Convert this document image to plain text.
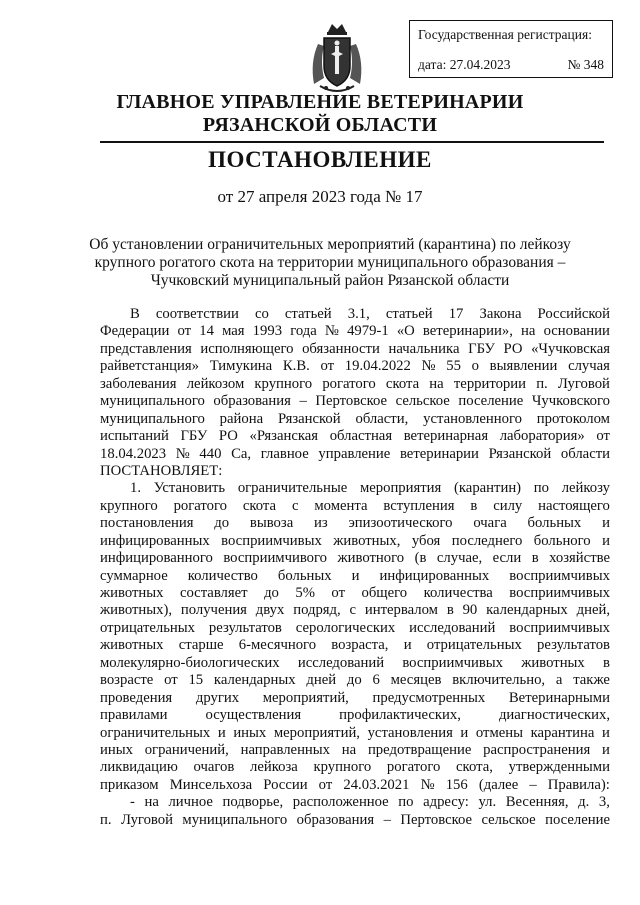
Государственная регистрация:
дата: 27.04.2023	№ 348
ГЛАВНОЕ УПРАВЛЕНИЕ ВЕТЕРИНАРИИ
РЯЗАНСКОЙ ОБЛАСТИ
ПОСТАНОВЛЕНИЕ
от 27 апреля 2023 года № 17
Об установлении ограничительных мероприятий (карантина) по лейкозу
крупного рогатого скота на территории муниципального образования –
Чучковский муниципальный район Рязанской области
В соответствии со статьей 3.1, статьей 17 Закона Российской
Федерации от 14 мая 1993 года № 4979-1 «О ветеринарии», на основании
представления исполняющего обязанности начальника ГБУ РО «Чучковская
райветстанция» Тимукина К.В. от 19.04.2022 № 55 о выявлении случая
заболевания лейкозом крупного рогатого скота на территории п. Луговой
муниципального образования – Пертовское сельское поселение Чучковского
муниципального района Рязанской области, установленного протоколом
испытаний ГБУ РО «Рязанская областная ветеринарная лаборатория» от
18.04.2023 № 440 Са, главное управление ветеринарии Рязанской области
ПОСТАНОВЛЯЕТ:
1. Установить ограничительные мероприятия (карантин) по лейкозу
крупного рогатого скота с момента вступления в силу настоящего
постановления до вывоза из эпизоотического очага больных и
инфицированных восприимчивых животных, убоя последнего больного и
инфицированного восприимчивого животного (в случае, если в хозяйстве
суммарное количество больных и инфицированных восприимчивых
животных составляет до 5% от общего количества восприимчивых
животных), получения двух подряд, с интервалом в 90 календарных дней,
отрицательных результатов серологических исследований восприимчивых
животных старше 6-месячного возраста, и отрицательных результатов
молекулярно-биологических исследований восприимчивых животных в
возрасте от 15 календарных дней до 6 месяцев включительно, а также
проведения других мероприятий, предусмотренных Ветеринарными
правилами	осуществления	профилактических,	диагностических,
ограничительных и иных мероприятий, установления и отмены карантина и
иных ограничений, направленных на предотвращение распространения и
ликвидацию очагов лейкоза крупного рогатого скота, утвержденными
приказом Минсельхоза России от 24.03.2021 № 156 (далее – Правила):
- на личное подворье, расположенное по адресу: ул. Весенняя, д. 3,
п. Луговой муниципального образования – Пертовское сельское поселение
